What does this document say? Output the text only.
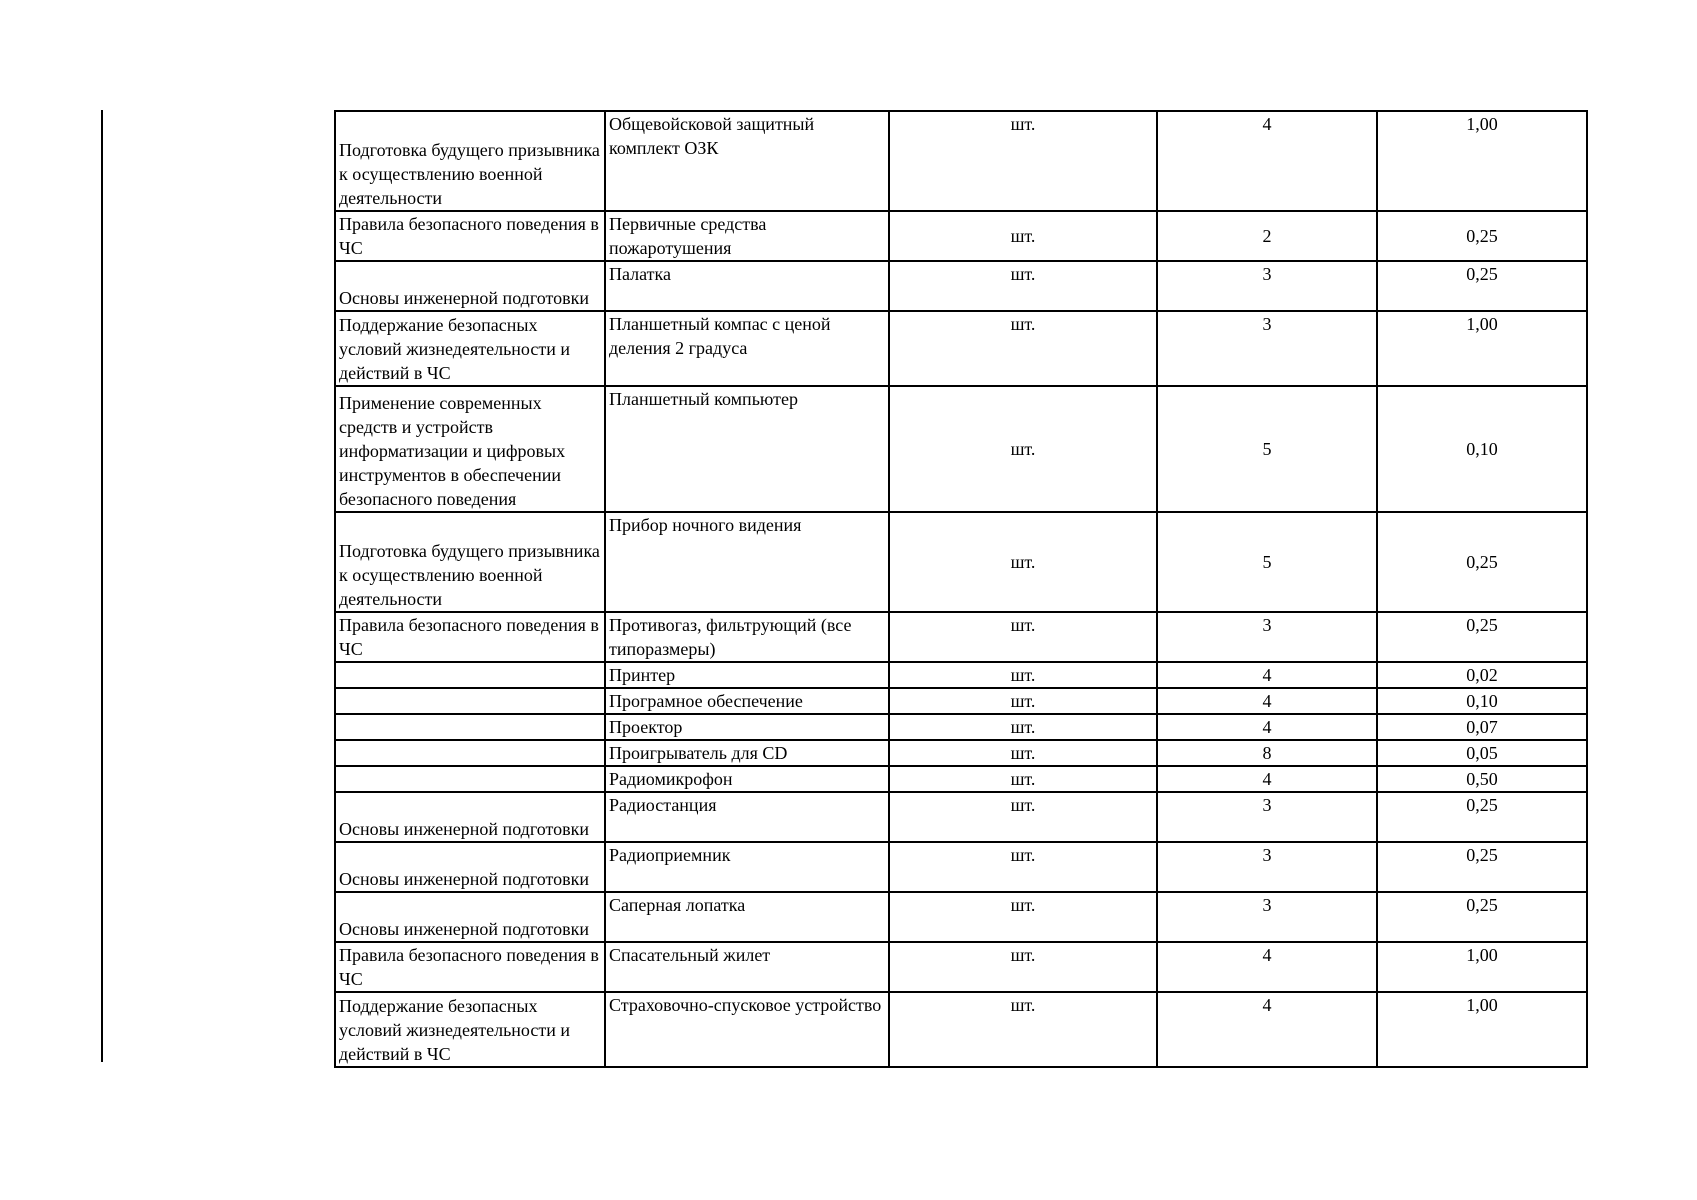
Подготовка будущего призывника к осуществлению военной деятельности	Общевойсковой защитный комплект ОЗК	шт.	4	1,00
Правила безопасного поведения в ЧС	Первичные средства пожаротушения	шт.	2	0,25
Основы инженерной подготовки	Палатка	шт.	3	0,25
Поддержание безопасных условий жизнедеятельности и действий в ЧС	Планшетный компас с ценой деления 2 градуса	шт.	3	1,00
Применение современных средств и устройств информатизации и цифровых инструментов в обеспечении безопасного поведения	Планшетный компьютер	шт.	5	0,10
Подготовка будущего призывника к осуществлению военной деятельности	Прибор ночного видения	шт.	5	0,25
Правила безопасного поведения в ЧС	Противогаз, фильтрующий (все типоразмеры)	шт.	3	0,25
	Принтер	шт.	4	0,02
	Програмное обеспечение	шт.	4	0,10
	Проектор	шт.	4	0,07
	Проигрыватель для CD	шт.	8	0,05
	Радиомикрофон	шт.	4	0,50
Основы инженерной подготовки	Радиостанция	шт.	3	0,25
Основы инженерной подготовки	Радиоприемник	шт.	3	0,25
Основы инженерной подготовки	Саперная лопатка	шт.	3	0,25
Правила безопасного поведения в ЧС	Спасательный жилет	шт.	4	1,00
Поддержание безопасных условий жизнедеятельности и действий в ЧС	Страховочно-спусковое устройство	шт.	4	1,00
